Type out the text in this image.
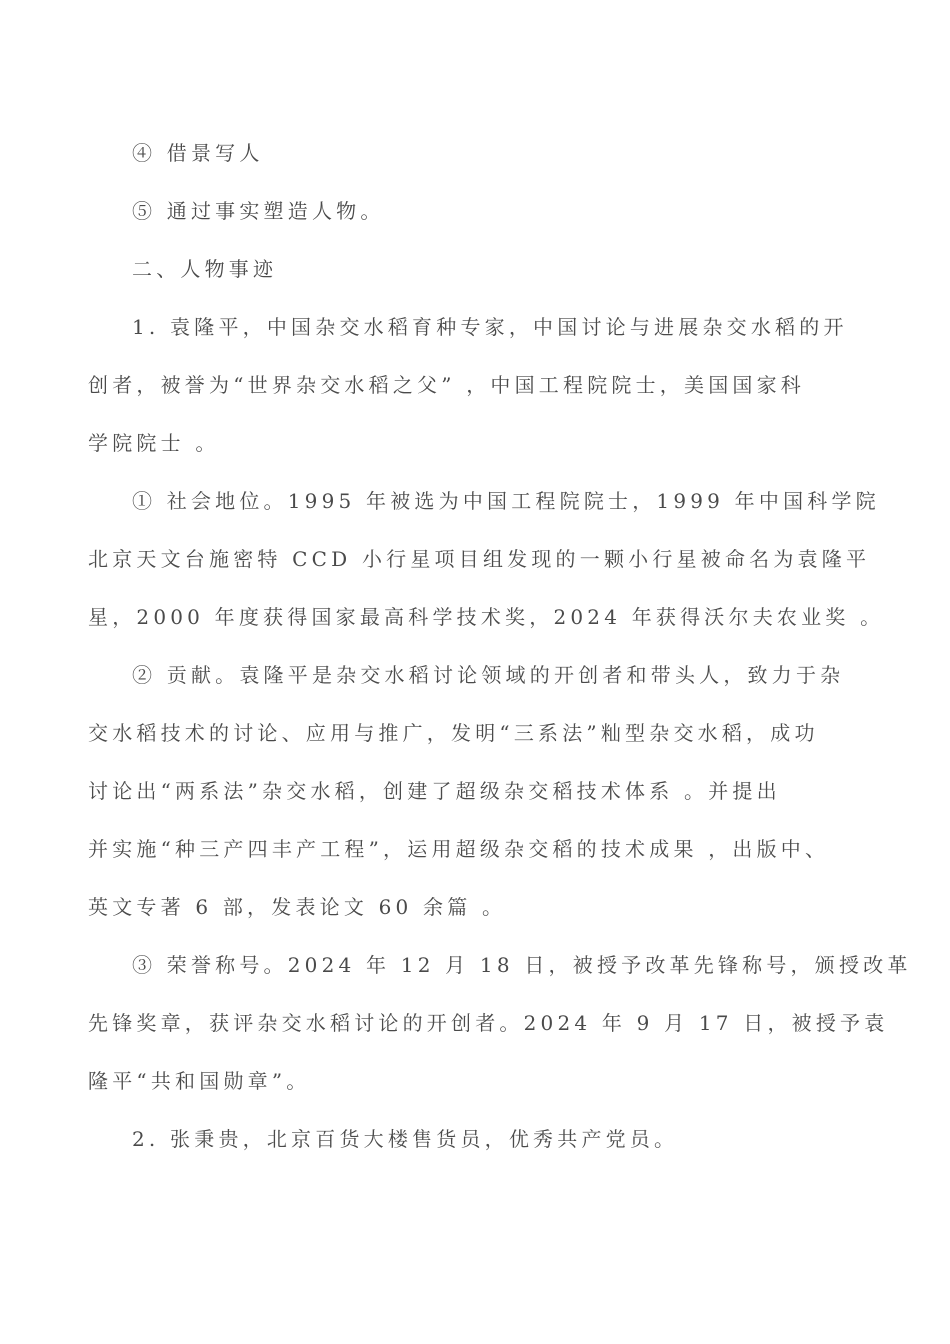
④ 借景写人

⑤ 通过事实塑造人物。

二、人物事迹

1. 袁隆平，中国杂交水稻育种专家，中国讨论与进展杂交水稻的开

创者，被誉为“世界杂交水稻之父” ，中国工程院院士，美国国家科

学院院士 。

① 社会地位。1995 年被选为中国工程院院士，1999 年中国科学院

北京天文台施密特 CCD 小行星项目组发现的一颗小行星被命名为袁隆平

星，2000 年度获得国家最高科学技术奖，2024 年获得沃尔夫农业奖 。

② 贡献。袁隆平是杂交水稻讨论领域的开创者和带头人，致力于杂

交水稻技术的讨论、应用与推广，发明“三系法”籼型杂交水稻，成功

讨论出“两系法”杂交水稻，创建了超级杂交稻技术体系 。并提出

并实施“种三产四丰产工程”，运用超级杂交稻的技术成果 ，出版中、

英文专著 6 部，发表论文 60 余篇 。

③ 荣誉称号。2024 年 12 月 18 日，被授予改革先锋称号，颁授改革

先锋奖章，获评杂交水稻讨论的开创者。2024 年 9 月 17 日，被授予袁

隆平“共和国勋章”。

2. 张秉贵，北京百货大楼售货员，优秀共产党员。
